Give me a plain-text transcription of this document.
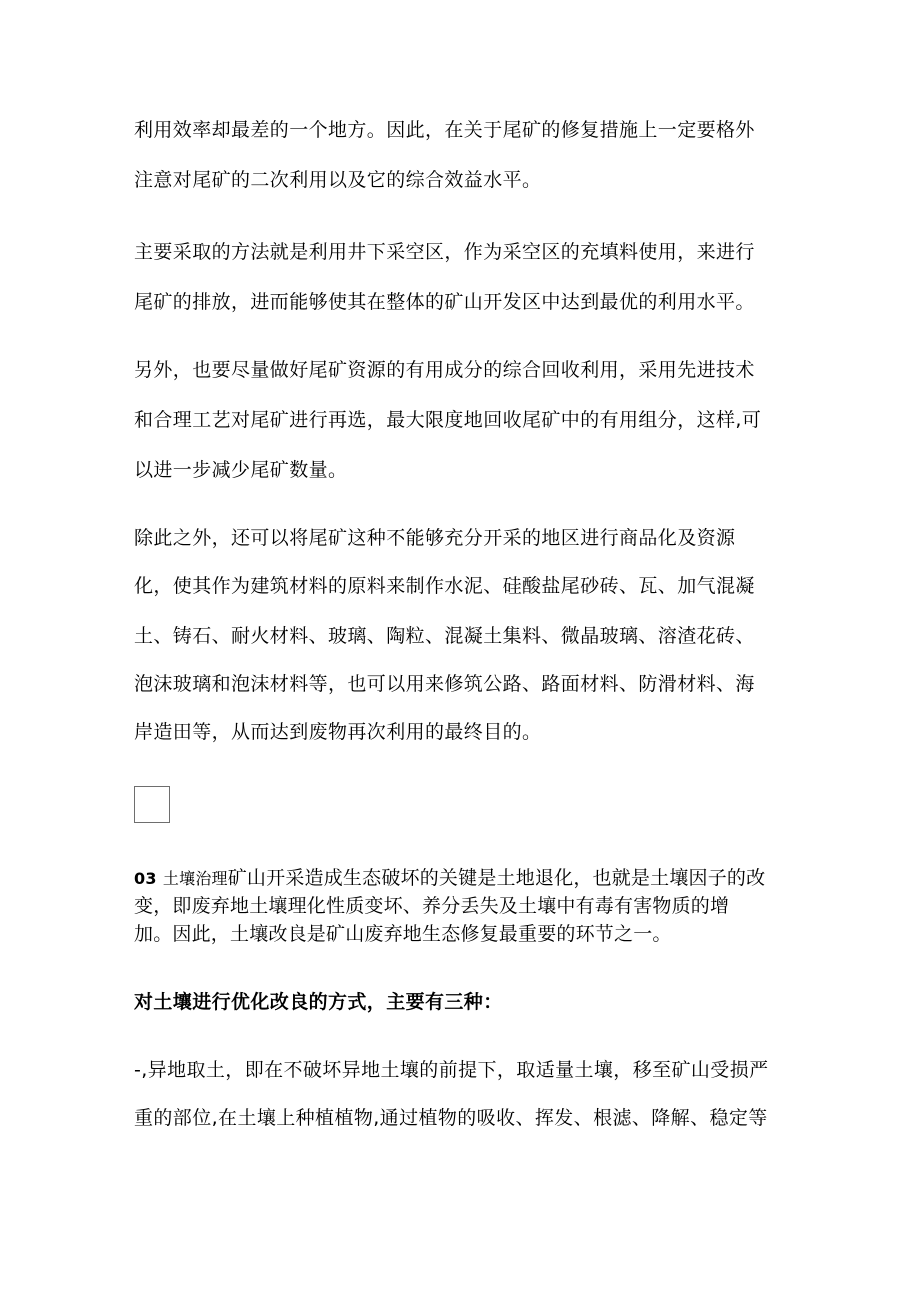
利用效率却最差的一个地方。因此，在关于尾矿的修复措施上一定要格外
注意对尾矿的二次利用以及它的综合效益水平。
主要采取的方法就是利用井下采空区，作为采空区的充填料使用，来进行
尾矿的排放，进而能够使其在整体的矿山开发区中达到最优的利用水平。
另外，也要尽量做好尾矿资源的有用成分的综合回收利用，采用先进技术
和合理工艺对尾矿进行再选，最大限度地回收尾矿中的有用组分，这样,可
以进一步减少尾矿数量。
除此之外，还可以将尾矿这种不能够充分开采的地区进行商品化及资源
化，使其作为建筑材料的原料来制作水泥、硅酸盐尾砂砖、瓦、加气混凝
土、铸石、耐火材料、玻璃、陶粒、混凝土集料、微晶玻璃、溶渣花砖、
泡沫玻璃和泡沫材料等，也可以用来修筑公路、路面材料、防滑材料、海
岸造田等，从而达到废物再次利用的最终目的。
03 土壤治理矿山开采造成生态破坏的关键是土地退化，也就是土壤因子的改
变，即废弃地土壤理化性质变坏、养分丢失及土壤中有毒有害物质的增
加。因此，土壤改良是矿山废弃地生态修复最重要的环节之一。
对土壤进行优化改良的方式，主要有三种：
-,异地取土，即在不破坏异地土壤的前提下，取适量土壤，移至矿山受损严
重的部位,在土壤上种植植物,通过植物的吸收、挥发、根滤、降解、稳定等
